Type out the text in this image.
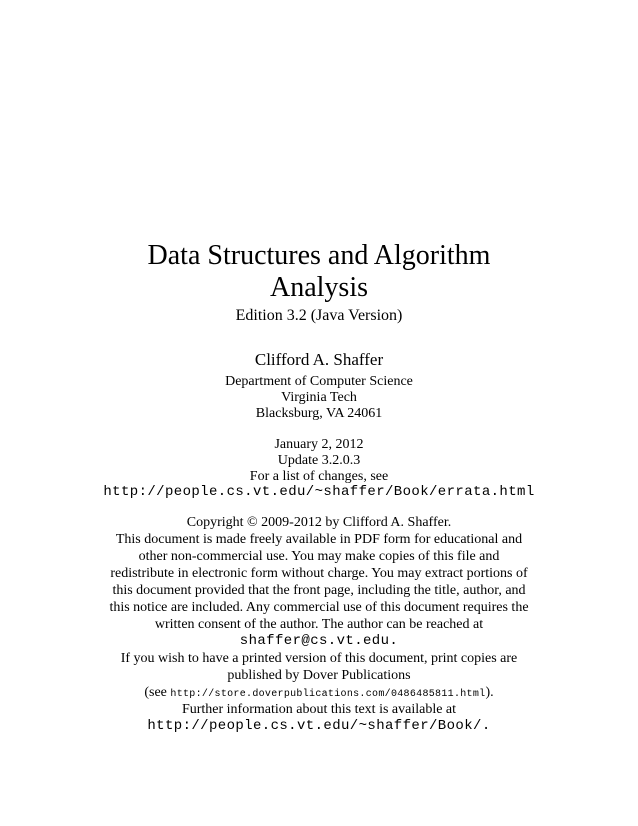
Data Structures and Algorithm
Analysis
Edition 3.2 (Java Version)
Clifford A. Shaffer
Department of Computer Science
Virginia Tech
Blacksburg, VA 24061
January 2, 2012
Update 3.2.0.3
For a list of changes, see
http://people.cs.vt.edu/~shaffer/Book/errata.html
Copyright © 2009-2012 by Clifford A. Shaffer.
This document is made freely available in PDF form for educational and
other non-commercial use. You may make copies of this file and
redistribute in electronic form without charge. You may extract portions of
this document provided that the front page, including the title, author, and
this notice are included. Any commercial use of this document requires the
written consent of the author. The author can be reached at
shaffer@cs.vt.edu.
If you wish to have a printed version of this document, print copies are
published by Dover Publications
(see http://store.doverpublications.com/0486485811.html).
Further information about this text is available at
http://people.cs.vt.edu/~shaffer/Book/.
